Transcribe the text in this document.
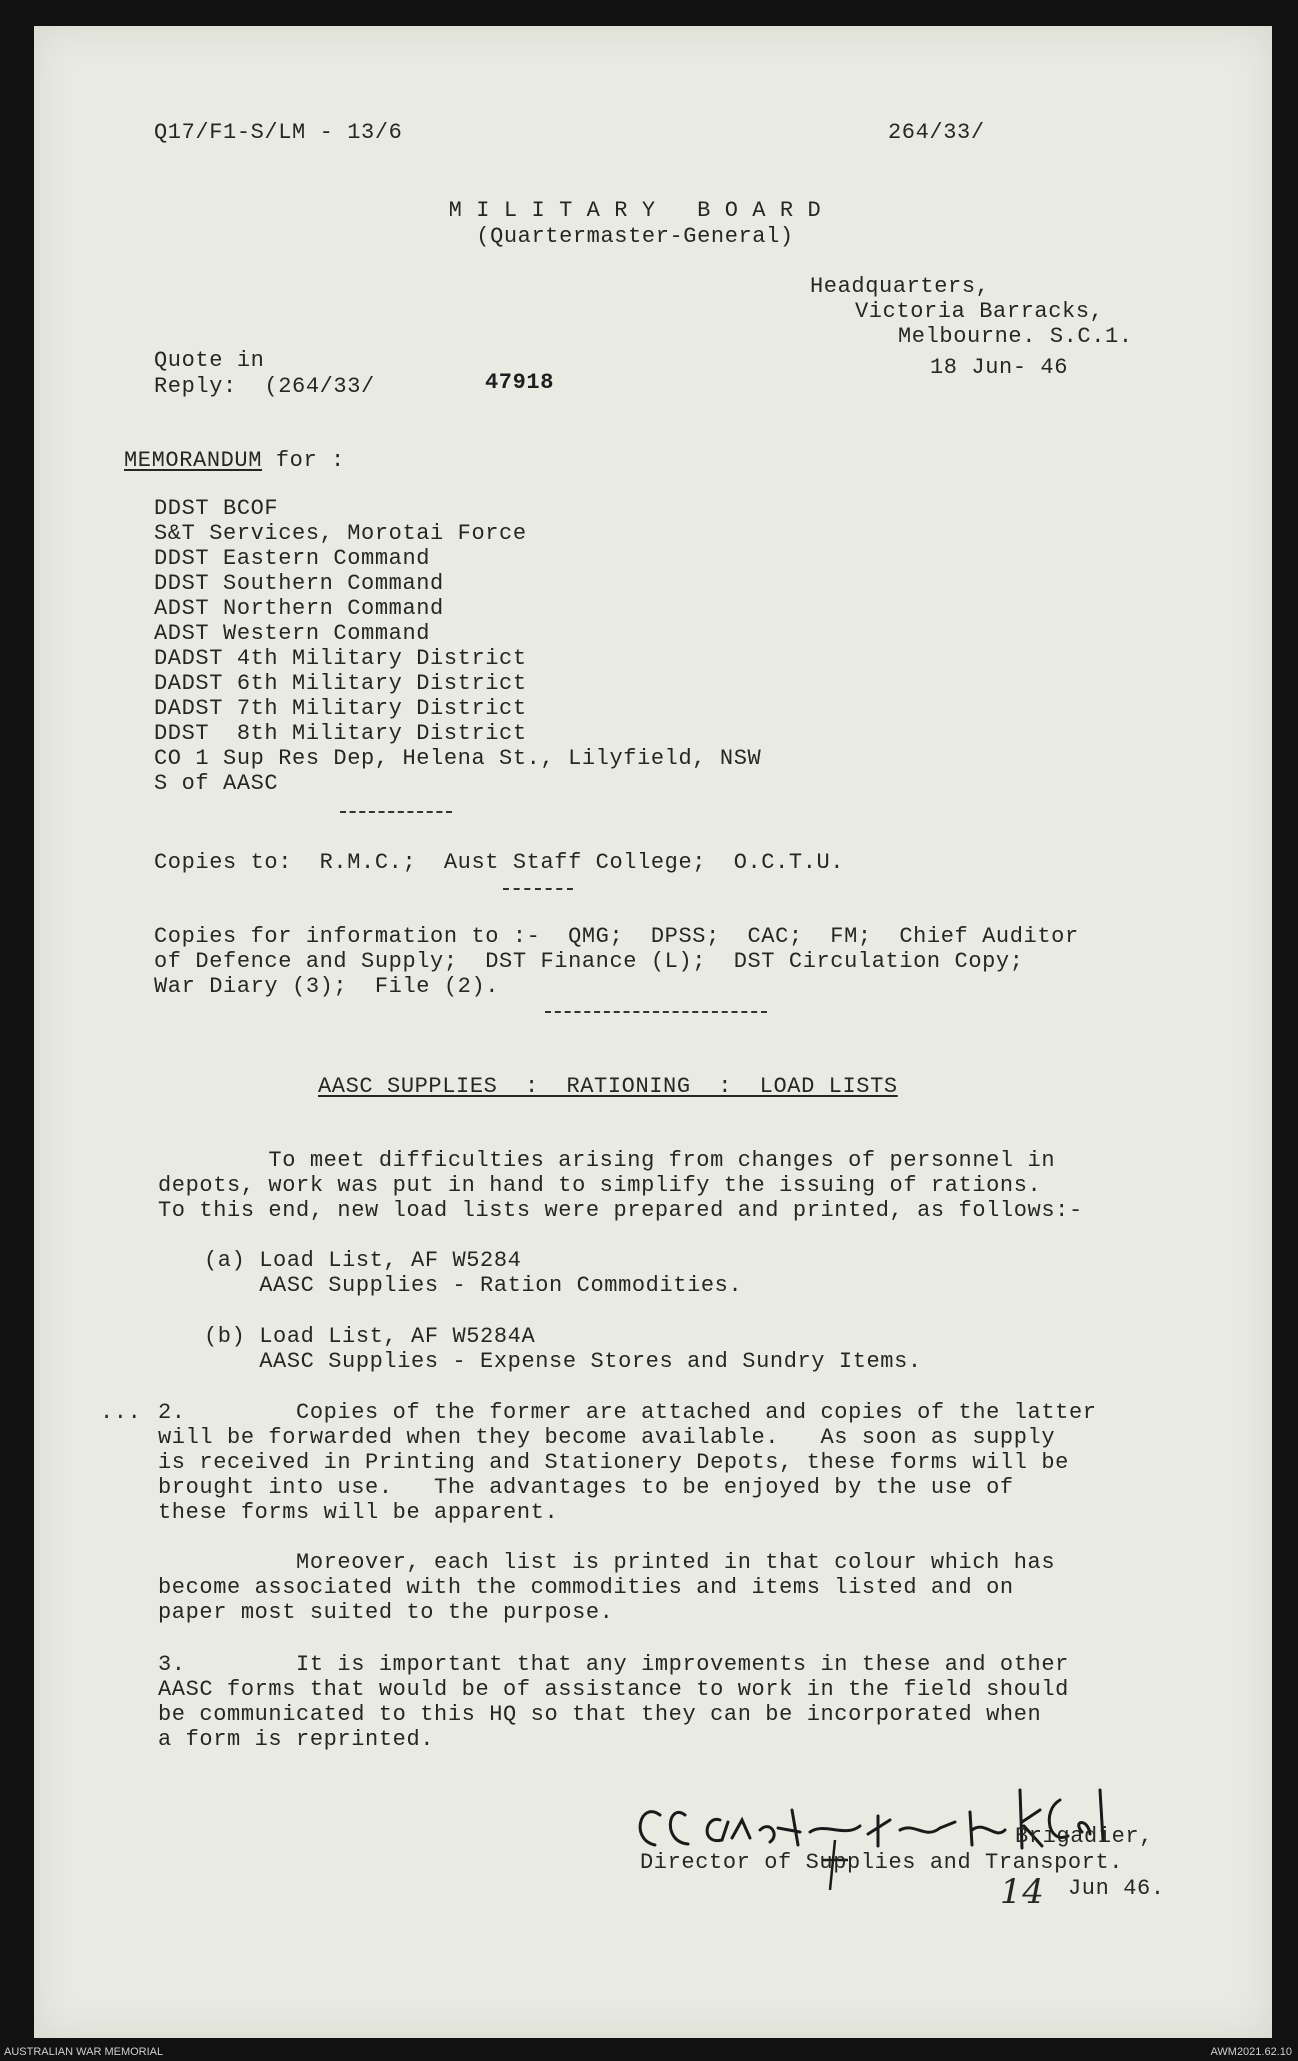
Q17/F1-S/LM - 13/6	264/33/
M I L I T A R Y   B O A R D
(Quartermaster-General)
Headquarters,
Victoria Barracks,
Melbourne. S.C.1.
18 Jun- 46
Quote in
Reply:  (264/33/	47918
MEMORANDUM for :
DDST BCOF
S&T Services, Morotai Force
DDST Eastern Command
DDST Southern Command
ADST Northern Command
ADST Western Command
DADST 4th Military District
DADST 6th Military District
DADST 7th Military District
DDST  8th Military District
CO 1 Sup Res Dep, Helena St., Lilyfield, NSW
S of AASC
Copies to:  R.M.C.;  Aust Staff College;  O.C.T.U.
Copies for information to :-  QMG;  DPSS;  CAC;  FM;  Chief Auditor
of Defence and Supply;  DST Finance (L);  DST Circulation Copy;
War Diary (3);  File (2).
AASC SUPPLIES  :  RATIONING  :  LOAD LISTS
To meet difficulties arising from changes of personnel in
depots, work was put in hand to simplify the issuing of rations.
To this end, new load lists were prepared and printed, as follows:-
(a) Load List, AF W5284
AASC Supplies - Ration Commodities.
(b) Load List, AF W5284A
AASC Supplies - Expense Stores and Sundry Items.
... 2.        Copies of the former are attached and copies of the latter
will be forwarded when they become available.   As soon as supply
is received in Printing and Stationery Depots, these forms will be
brought into use.   The advantages to be enjoyed by the use of
these forms will be apparent.
Moreover, each list is printed in that colour which has
become associated with the commodities and items listed and on
paper most suited to the purpose.
3.        It is important that any improvements in these and other
AASC forms that would be of assistance to work in the field should
be communicated to this HQ so that they can be incorporated when
a form is reprinted.
Brigadier,
Director of Supplies and Transport.
14 Jun 46.
AUSTRALIAN WAR MEMORIAL	AWM2021.62.10
